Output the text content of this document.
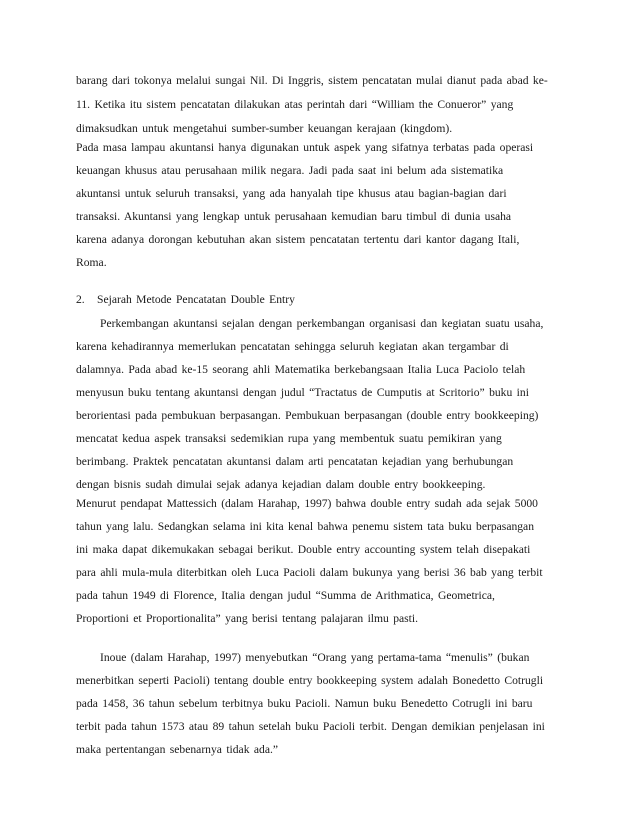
barang dari tokonya melalui sungai Nil. Di Inggris, sistem pencatatan mulai dianut pada abad ke-
11. Ketika itu sistem pencatatan dilakukan atas perintah dari “William the Conueror” yang
dimaksudkan untuk mengetahui sumber-sumber keuangan kerajaan (kingdom).
Pada masa lampau akuntansi hanya digunakan untuk aspek yang sifatnya terbatas pada operasi
keuangan khusus atau perusahaan milik negara. Jadi pada saat ini belum ada sistematika
akuntansi untuk seluruh transaksi, yang ada hanyalah tipe khusus atau bagian-bagian dari
transaksi. Akuntansi yang lengkap untuk perusahaan kemudian baru timbul di dunia usaha
karena adanya dorongan kebutuhan akan sistem pencatatan tertentu dari kantor dagang Itali,
Roma.
2. Sejarah Metode Pencatatan Double Entry
Perkembangan akuntansi sejalan dengan perkembangan organisasi dan kegiatan suatu usaha,
karena kehadirannya memerlukan pencatatan sehingga seluruh kegiatan akan tergambar di
dalamnya. Pada abad ke-15 seorang ahli Matematika berkebangsaan Italia Luca Paciolo telah
menyusun buku tentang akuntansi dengan judul “Tractatus de Cumputis at Scritorio” buku ini
berorientasi pada pembukuan berpasangan. Pembukuan berpasangan (double entry bookkeeping)
mencatat kedua aspek transaksi sedemikian rupa yang membentuk suatu pemikiran yang
berimbang. Praktek pencatatan akuntansi dalam arti pencatatan kejadian yang berhubungan
dengan bisnis sudah dimulai sejak adanya kejadian dalam double entry bookkeeping.
Menurut pendapat Mattessich (dalam Harahap, 1997) bahwa double entry sudah ada sejak 5000
tahun yang lalu. Sedangkan selama ini kita kenal bahwa penemu sistem tata buku berpasangan
ini maka dapat dikemukakan sebagai berikut. Double entry accounting system telah disepakati
para ahli mula-mula diterbitkan oleh Luca Pacioli dalam bukunya yang berisi 36 bab yang terbit
pada tahun 1949 di Florence, Italia dengan judul “Summa de Arithmatica, Geometrica,
Proportioni et Proportionalita” yang berisi tentang palajaran ilmu pasti.
Inoue (dalam Harahap, 1997) menyebutkan “Orang yang pertama-tama “menulis” (bukan
menerbitkan seperti Pacioli) tentang double entry bookkeeping system adalah Bonedetto Cotrugli
pada 1458, 36 tahun sebelum terbitnya buku Pacioli. Namun buku Benedetto Cotrugli ini baru
terbit pada tahun 1573 atau 89 tahun setelah buku Pacioli terbit. Dengan demikian penjelasan ini
maka pertentangan sebenarnya tidak ada.”
